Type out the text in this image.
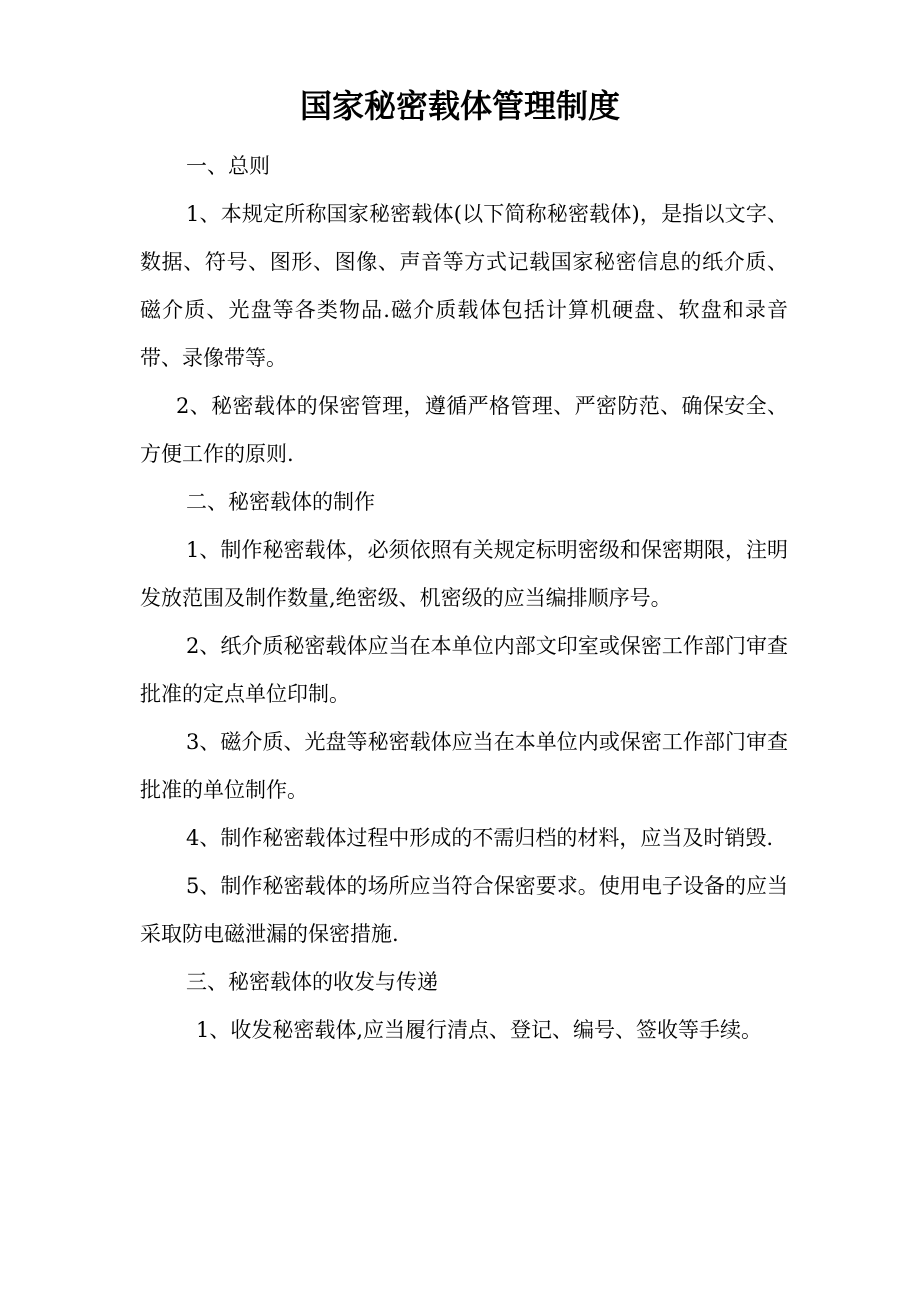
国家秘密载体管理制度

一、总则

1、本规定所称国家秘密载体(以下简称秘密载体)，是指以文字、数据、符号、图形、图像、声音等方式记载国家秘密信息的纸介质、磁介质、光盘等各类物品.磁介质载体包括计算机硬盘、软盘和录音带、录像带等。

2、秘密载体的保密管理，遵循严格管理、严密防范、确保安全、方便工作的原则.

二、秘密载体的制作

1、制作秘密载体，必须依照有关规定标明密级和保密期限，注明发放范围及制作数量,绝密级、机密级的应当编排顺序号。

2、纸介质秘密载体应当在本单位内部文印室或保密工作部门审查批准的定点单位印制。

3、磁介质、光盘等秘密载体应当在本单位内或保密工作部门审查批准的单位制作。

4、制作秘密载体过程中形成的不需归档的材料，应当及时销毁.

5、制作秘密载体的场所应当符合保密要求。使用电子设备的应当采取防电磁泄漏的保密措施.

三、秘密载体的收发与传递

1、收发秘密载体,应当履行清点、登记、编号、签收等手续。
